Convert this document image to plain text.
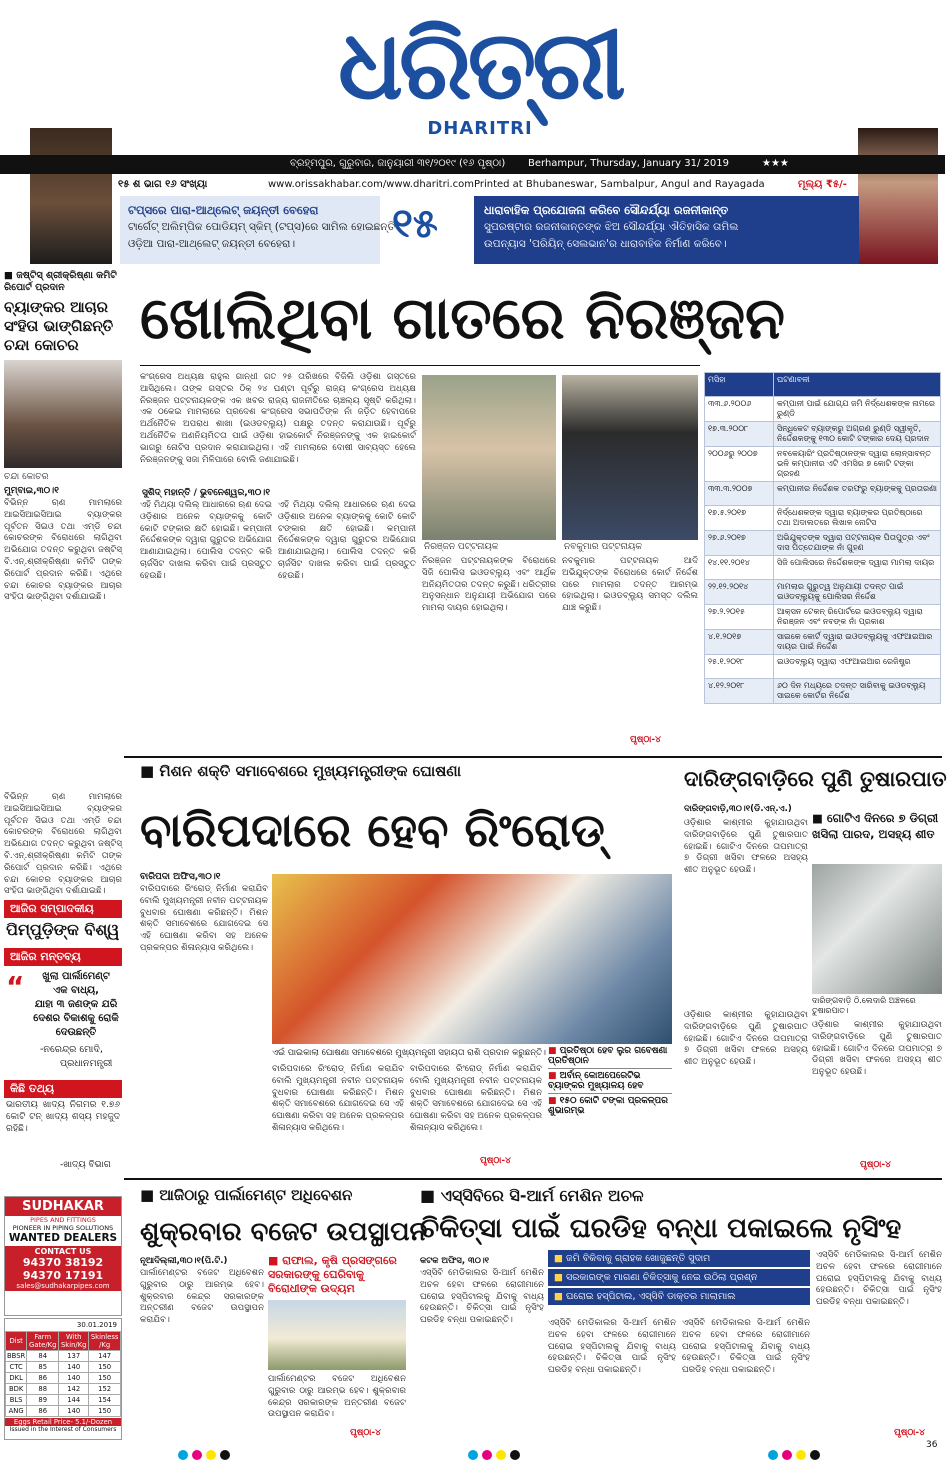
ଧରିତ୍ରୀ
DHARITRI
ବ୍ରହ୍ମପୁର, ଗୁରୁବାର, ଜାନୁୟାରୀ ୩୧/୨୦୧୯ (୧୬ ପୃଷ୍ଠା) Berhampur, Thursday, January 31/ 2019	★★★
୧୫ ଶ ଭାଗ ୧୬ ସଂଖ୍ୟା	www.orissakhabar.com/www.dharitri.com Printed at Bhubaneswar, Sambalpur, Angul and Rayagada	ମୂଲ୍ୟ ₹୫/-
ଟପ୍ସରେ ପାରା-ଆଥ୍ଲେଟ୍ ଜୟନ୍ତୀ ବେହେରା
ଟାର୍ଗେଟ୍ ଅଲିମ୍ପିକ ପୋଡିୟମ୍ ସ୍କିମ୍ (ଟପ୍ସ)ରେ ସାମିଲ ହୋଇଛନ୍ତି
ଓଡ଼ିଆ ପାରା-ଆଥ୍ଲେଟ୍ ଜୟନ୍ତୀ ବେହେରା।	୧୫	ଧାରାବାହିକ ପ୍ରଯୋଜନା କରିବେ ସୌନ୍ଦର୍ଯ୍ୟା ରଜନୀକାନ୍ତ
ସୁପରଷ୍ଟାର ରଜନୀକାନ୍ତଙ୍କ ଝିଅ ସୌନ୍ଦର୍ଯ୍ୟା ଐତିହାସିକ ତାମିଲ
ଉପନ୍ୟାସ 'ପରିୟିନ୍ ସେଲଭାନ'ର ଧାରାବାହିକ ନିର୍ମାଣ କରିବେ।
■ ଜଷ୍ଟିସ୍ ଶ୍ରୀକ୍ରିଷ୍ଣା କମିଟି
ରିପୋର୍ଟ ପ୍ରଦାନ
ବ୍ୟାଙ୍କର ଆଚାର ସଂହିତା ଭାଙ୍ଗିଛନ୍ତି ଚନ୍ଦା କୋଚର
ଚନ୍ଦା କୋଚର
ମୁମ୍ବାଇ,୩୦।୧
ବିଭିନ୍ନ ଋଣ ମାମଲାରେ ଆଇସିଆଇସିଆଇ ବ୍ୟାଙ୍କର ପୂର୍ବତନ ସିଇଓ ତଥା ଏମ୍‌ଡି ଚନ୍ଦା କୋଚରଙ୍କ ବିରୋଧରେ ଲାଗିଥିବା ଅଭିଯୋଗ ତଦନ୍ତ କରୁଥିବା ଜଷ୍ଟିସ୍ ବି.ଏନ୍.ଶ୍ରୀକ୍ରିଷ୍ଣା କମିଟି ତାଙ୍କ ରିପୋର୍ଟ ପ୍ରଦାନ କରିଛି। ଏଥିରେ ଚନ୍ଦା କୋଚର ବ୍ୟାଙ୍କର ଆଚାର ସଂହିତା ଭାଙ୍ଗିଥିବା ଦର୍ଶାଯାଇଛି।
ଖୋଲିଥିବା ଗାତରେ ନିରଞ୍ଜନ
କଂଗ୍ରେସ ଅଧ୍ୟକ୍ଷ ରାହୁଲ ଗାନ୍ଧୀ ଗତ ୨୫ ତାରିଖରେ ବିଜିଲି ଓଡ଼ିଶା ଗସ୍ତରେ ଆସିଥିଲେ। ତାଙ୍କ ଗସ୍ତର ଠିକ୍ ୨୪ ଘଣ୍ଟା ପୂର୍ବରୁ ରାଜ୍ୟ କଂଗ୍ରେସ ଅଧ୍ୟକ୍ଷ ନିରଞ୍ଜନ ପଟ୍ଟନାୟକଙ୍କ ଏକ ଖବର ରାଜ୍ୟ ରାଜନୀତିରେ ଚାଞ୍ଚଲ୍ୟ ସୃଷ୍ଟି କରିଥିଲା। ଏକ ଠକେଇ ମାମଲାରେ ପ୍ରଦେଶ କଂଗ୍ରେସ ସଭାପତିଙ୍କ ନାଁ ଜଡ଼ିତ ହେବାପରେ ଅର୍ଥନୈତିକ ଅପରାଧ ଶାଖା (ଇଓଡବ୍ଲ୍ୟୁ) ପକ୍ଷରୁ ତଦନ୍ତ କରାଯାଉଛି। ପୂର୍ବରୁ ଅର୍ଥନୈତିକ ଅଣନିୟମିତତା ପାଇଁ ଓଡ଼ିଶା ହାଇକୋର୍ଟ ନିରଞ୍ଜନଙ୍କୁ ଏକ ହାଇକୋର୍ଟ ଭାଗରୁ ନୋଟିସ ପ୍ରଦାନ କରାଯାଇଥିଲା। ଏହି ମାମଲାରେ ଦୋଷୀ ସାବ୍ୟସ୍ତ ହେଲେ ନିରଞ୍ଜନଙ୍କୁ ସଜା ମିଳିପାରେ ବୋଲି ଜଣାଯାଇଛି।
ସୁଶିଦ୍ ମହାନ୍ତି / ଭୁବନେଶ୍ୱର,୩୦।୧
ଏହି ମିଥ୍ୟା ଦଲିଲ୍ ଆଧାରରେ ଋଣ ଦେଇ ଓଡ଼ିଶାର ଅନେକ ବ୍ୟାଙ୍କକୁ କୋଟି କୋଟି ଟଙ୍କାର କ୍ଷତି ହୋଇଛି। କମ୍ପାନୀ ନିର୍ଦ୍ଦେଶକଙ୍କ ଦ୍ୱାରା ଗୁରୁତର ଅଭିଯୋଗ ଆଣାଯାଇଥିଲା। ପୋଲିସ ତଦନ୍ତ କରି ଚାର୍ଜସିଟ ଦାଖଲ କରିବା ପାଇଁ ପ୍ରସ୍ତୁତ ହେଉଛି।
ଏହି ମିଥ୍ୟା ଦଲିଲ୍ ଆଧାରରେ ଋଣ ଦେଇ ଓଡ଼ିଶାର ଅନେକ ବ୍ୟାଙ୍କକୁ କୋଟି କୋଟି ଟଙ୍କାର କ୍ଷତି ହୋଇଛି। କମ୍ପାନୀ ନିର୍ଦ୍ଦେଶକଙ୍କ ଦ୍ୱାରା ଗୁରୁତର ଅଭିଯୋଗ ଆଣାଯାଇଥିଲା। ପୋଲିସ ତଦନ୍ତ କରି ଚାର୍ଜସିଟ ଦାଖଲ କରିବା ପାଇଁ ପ୍ରସ୍ତୁତ ହେଉଛି।
ନିରଞ୍ଜନ ପଟ୍ଟନାୟକ	ନବକୁମାର ପଟ୍ଟନାୟକ
ନିରଞ୍ଜନ ପଟ୍ଟନାୟକଙ୍କ ବିରୋଧରେ ସିଜି ପୋଲିସ ଇଓଡବ୍ଲ୍ୟୁ ଏବଂ ଆର୍ଥିକ ଅନିୟମିତତାର ତଦନ୍ତ କରୁଛି। ଧରିତ୍ରୀର ଅନୁସନ୍ଧାନ ଅନୁଯାୟୀ ଅଭିଯୋଗ ପରେ ମାମଲା ଦାୟର ହୋଇଥିଲା।
ନବକୁମାର ପଟ୍ଟନାୟକ ଆଦି ଅଭିଯୁକ୍ତଙ୍କ ବିରୋଧରେ କୋର୍ଟ ନିର୍ଦ୍ଦେଶ ପରେ ମାମଲାର ତଦନ୍ତ ଆରମ୍ଭ ହୋଇଥିଲା। ଇଓଡବ୍ଲ୍ୟୁ ସମସ୍ତ ଦଲିଲ ଯାଞ୍ଚ କରୁଛି।
ପୃଷ୍ଠା-୪
ମସିହା	ଘଟଣାବଳୀ
୩୩.୬.୨୦୦୬	କମ୍ପାନୀ ପାଇଁ ଯୋଗ୍ଯ ଜମି ନିର୍ଦ୍ଧେଶକଙ୍କ ନାମରେ ରୁଣ୍ଡି
୧୭.୩.୨୦୦୮	ସିନ୍ଧିକେଟ ବ୍ୟାଙ୍କରୁ ଅଗ୍ରଣ ରୁଣ୍ଡି ସ୍ୱୀକୃତି, ନିର୍ଦ୍ଦେଶକଙ୍କୁ ୧୩୦ କୋଟି ଟଙ୍କାର ଦେୟ ପ୍ରଦାନ
୨୦୦୬ରୁ ୨୦୦୭	ନବକେୟାରିଂ ପ୍ରତିଷ୍ଠାନଙ୍କ ଦ୍ୱାରା ଲୋନ୍ସାବନ୍ତ ଭଳି କମ୍ପାନୀର ଏଟି ଏମସିର ୭ କୋଟି ଟଙ୍କା ଗ୍ରହଣ
୩୩.୩.୨୦୦୭	କମ୍ପାନୀର ନିର୍ଦ୍ଦେଶକ ତରଫରୁ ବ୍ୟାଙ୍କକୁ ପ୍ରତାରଣା
୧୭.୫.୨୦୧୭	ନିର୍ଦ୍ଧେଶକଙ୍କ ଦ୍ୱାରା ବ୍ୟାଙ୍କର ପ୍ରତିଷ୍ଠାରେ ତଥା ଅଦାଲତରେ ଲିଖାଳ ନୋଟିସ
୨୭.୬.୨୦୧୭	ଅଭିଯୁକ୍ତଙ୍କ ଦ୍ୱାରା ପଟ୍ଟନାୟକ ପିତାପୁତ୍ର ଏବଂ ଦାସ ପିତ୍ତେଯାଙ୍କ ନାଁ ଗୁହଣ
୧୪.୧୧.୨୦୧୪	ସିଜି ପୋଲିସରେ ନିର୍ଦ୍ଦେଶକଙ୍କ ଦ୍ୱାରା ମାମଲା ଦାୟର
୨୨.୧୨.୨୦୧୪	ମାମଲାର ଗୁରୁତ୍ୱ ଅନୁଯାୟୀ ତଦନ୍ତ ପାଇଁ ଇଓଡବ୍ଲ୍ୟୁକୁ ପୋଲିସର ନିର୍ଦ୍ଦେଶ
୨୭.୨.୨୦୧୫	ଆକ୍ସନ ଟେକନ୍ ରିପୋର୍ଟରେ ଇଓଡବ୍ଲ୍ୟୁ ଦ୍ୱାରା ନିରଞ୍ଜନ ଏବଂ ନବଙ୍କ ନାଁ ପ୍ରକାଶ
୪.୧.୨୦୧୭	ସାଇକେ କୋର୍ଟ ଦ୍ୱାରା ଇଓଡବ୍ଲ୍ୟୁକୁ ଏଫଆଇଆର ଦାୟର ପାଇଁ ନିର୍ଦ୍ଦେଶ
୨୫.୧.୨୦୧୮	ଇଓଡବ୍ଲ୍ୟୁ ଦ୍ୱାରା ଏଫଆଇଆର ରେଜିଷ୍ଟ୍ର
୪.୧୨.୨୦୧୮	୬୦ ଦିନ ମଧ୍ୟରେ ତଦନ୍ତ ସାରିବାକୁ ଇଓଡବ୍ଲ୍ୟୁ ସାଇକେ କୋର୍ଟର ନିର୍ଦ୍ଦେଶ
ବିଭିନ୍ନ ଋଣ ମାମଲାରେ ଆଇସିଆଇସିଆଇ ବ୍ୟାଙ୍କର ପୂର୍ବତନ ସିଇଓ ତଥା ଏମ୍‌ଡି ଚନ୍ଦା କୋଚରଙ୍କ ବିରୋଧରେ ଲାଗିଥିବା ଅଭିଯୋଗ ତଦନ୍ତ କରୁଥିବା ଜଷ୍ଟିସ୍ ବି.ଏନ୍.ଶ୍ରୀକ୍ରିଷ୍ଣା କମିଟି ତାଙ୍କ ରିପୋର୍ଟ ପ୍ରଦାନ କରିଛି। ଏଥିରେ ଚନ୍ଦା କୋଚର ବ୍ୟାଙ୍କର ଆଚାର ସଂହିତା ଭାଙ୍ଗିଥିବା ଦର୍ଶାଯାଇଛି।
ଆଜିର ସମ୍ପାଦକୀୟ
ପିମ୍ପୁଡ଼ିଙ୍କ ବିଶ୍ୱ
ଆଜିର ମନ୍ତବ୍ୟ
“	ଖୁଲା ପାର୍ଲାମେଣ୍ଟ
ଏକ ବାଧ୍ୟ,
ଯାହା ୩ ଜଣଙ୍କ ଯରି
ଦେଶର ବିକାଶକୁ ରୋକି
ଦେଉଛନ୍ତି
-ନରେନ୍ଦ୍ର ମୋଦି,
ପ୍ରଧାନମନ୍ତ୍ରୀ
କିଛି ତଥ୍ୟ
ଭାରତୀୟ ଖାଦ୍ୟ ନିଗମର ୧.୭୬ କୋଟି ଟନ୍ ଖାଦ୍ୟ ଶସ୍ୟ ମହଜୁଦ ରହିଛି।
-ଖାଦ୍ୟ ବିଭାଗ
SUDHAKAR
PIPES AND FITTINGS
PIONEER IN PIPING SOLUTIONS
WANTED DEALERS
CONTACT US
94370 38192
94370 17191
sales@sudhakarpipes.com
30.01.2019
Dist	Farm Gate/Kg	With Skin/Kg	Skinless /Kg
BBSR	84	137	147
CTC	85	140	150
DKL	86	140	150
BDK	88	142	152
BLS	89	144	154
ANG	86	140	150
Eggs Retail Price- 5.1/-Dozen
Issued in the Interest of Consumers
■ ମିଶନ ଶକ୍ତି ସମାବେଶରେ ମୁଖ୍ୟମନ୍ତ୍ରୀଙ୍କ ଘୋଷଣା
ବାରିପଦାରେ ହେବ ରିଂରୋଡ୍
ବାରିପଦା ଅଫିସ,୩୦।୧
ବାରିପଦାରେ ରିଂରୋଡ୍ ନିର୍ମାଣ କରାଯିବ ବୋଲି ମୁଖ୍ୟମନ୍ତ୍ରୀ ନବୀନ ପଟ୍ଟନାୟକ ବୁଧବାର ଘୋଷଣା କରିଛନ୍ତି। ମିଶନ ଶକ୍ତି ସମାବେଶରେ ଯୋଗଦେଇ ସେ ଏହି ଘୋଷଣା କରିବା ସହ ଅନେକ ପ୍ରକଳ୍ପର ଶିଳାନ୍ୟାସ କରିଥିଲେ।
ଏଇଁ ପାଇକାଲା ଘୋଷଣା ସମାବେଶରେ ମୁଖ୍ୟମନ୍ତ୍ରୀ ସହାୟତା ରାଶି ପ୍ରଦାନ କରୁଛନ୍ତି।
ବାରିପଦାରେ ରିଂରୋଡ୍ ନିର୍ମାଣ କରାଯିବ ବୋଲି ମୁଖ୍ୟମନ୍ତ୍ରୀ ନବୀନ ପଟ୍ଟନାୟକ ବୁଧବାର ଘୋଷଣା କରିଛନ୍ତି। ମିଶନ ଶକ୍ତି ସମାବେଶରେ ଯୋଗଦେଇ ସେ ଏହି ଘୋଷଣା କରିବା ସହ ଅନେକ ପ୍ରକଳ୍ପର ଶିଳାନ୍ୟାସ କରିଥିଲେ।
ବାରିପଦାରେ ରିଂରୋଡ୍ ନିର୍ମାଣ କରାଯିବ ବୋଲି ମୁଖ୍ୟମନ୍ତ୍ରୀ ନବୀନ ପଟ୍ଟନାୟକ ବୁଧବାର ଘୋଷଣା କରିଛନ୍ତି। ମିଶନ ଶକ୍ତି ସମାବେଶରେ ଯୋଗଦେଇ ସେ ଏହି ଘୋଷଣା କରିବା ସହ ଅନେକ ପ୍ରକଳ୍ପର ଶିଳାନ୍ୟାସ କରିଥିଲେ।
ପୃଷ୍ଠା-୪
■ ପ୍ରତିଷ୍ଠା ହେବ ଲୁର ଗବେଷଣା ପ୍ରତିଷ୍ଠାନ
■ ଅର୍ବାନ୍ କୋଅପେରେଟିଭ ବ୍ୟାଙ୍କର ମୁଖ୍ୟାଳୟ ହେବ
■ ୧୫୦ କୋଟି ଟଙ୍କା ପ୍ରକଳ୍ପର ଶୁଭାରମ୍ଭ
ଦାରିଙ୍ଗବାଡ଼ିରେ ପୁଣି ତୁଷାରପାତ
ଦାରିଙ୍ଗବାଡ଼ି,୩୦।୧(ଡି.ଏନ୍.ଏ.)
ଓଡ଼ିଶାର କାଶ୍ମୀର କୁହାଯାଉଥିବା ଦାରିଙ୍ଗବାଡ଼ିରେ ପୁଣି ତୁଷାରପାତ ହୋଇଛି। ଗୋଟିଏ ଦିନରେ ତାପମାତ୍ରା ୭ ଡିଗ୍ରୀ ଖସିବା ଫଳରେ ଅସହ୍ୟ ଶୀତ ଅନୁଭୂତ ହେଉଛି।
■ ଗୋଟିଏ ଦିନରେ ୭ ଡିଗ୍ରୀ ଖସିଲା ପାରଦ, ଅସହ୍ୟ ଶୀତ
ଦାରିଙ୍ଗବାଡ଼ି ଠି.ଲେଦାରି ଅଞ୍ଚଳରେ ତୁଷାରପାତ।
ଓଡ଼ିଶାର କାଶ୍ମୀର କୁହାଯାଉଥିବା ଦାରିଙ୍ଗବାଡ଼ିରେ ପୁଣି ତୁଷାରପାତ ହୋଇଛି। ଗୋଟିଏ ଦିନରେ ତାପମାତ୍ରା ୭ ଡିଗ୍ରୀ ଖସିବା ଫଳରେ ଅସହ୍ୟ ଶୀତ ଅନୁଭୂତ ହେଉଛି।
ଓଡ଼ିଶାର କାଶ୍ମୀର କୁହାଯାଉଥିବା ଦାରିଙ୍ଗବାଡ଼ିରେ ପୁଣି ତୁଷାରପାତ ହୋଇଛି। ଗୋଟିଏ ଦିନରେ ତାପମାତ୍ରା ୭ ଡିଗ୍ରୀ ଖସିବା ଫଳରେ ଅସହ୍ୟ ଶୀତ ଅନୁଭୂତ ହେଉଛି।
ପୃଷ୍ଠା-୪
■ ଆଜିଠାରୁ ପାର୍ଲାମେଣ୍ଟ ଅଧିବେଶନ
ଶୁକ୍ରବାର ବଜେଟ ଉପସ୍ଥାପନ
ନୂଆଦିଲ୍ଲୀ,୩୦।୧(ପି.ଟି.)
ପାର୍ଲାମେଣ୍ଟର ବଜେଟ ଅଧିବେଶନ ଗୁରୁବାର ଠାରୁ ଆରମ୍ଭ ହେବ। ଶୁକ୍ରବାର କେନ୍ଦ୍ର ସରକାରଙ୍କ ଅନ୍ତରୀଣ ବଜେଟ ଉପସ୍ଥାପନ କରାଯିବ।
■ ରାଫାଲ, କୃଷି ପ୍ରସଙ୍ଗରେ ସରକାରଙ୍କୁ ଘେରିବାକୁ ବିରୋଧୀଙ୍କ ଉଦ୍ୟମ
ପାର୍ଲାମେଣ୍ଟର ବଜେଟ ଅଧିବେଶନ ଗୁରୁବାର ଠାରୁ ଆରମ୍ଭ ହେବ। ଶୁକ୍ରବାର କେନ୍ଦ୍ର ସରକାରଙ୍କ ଅନ୍ତରୀଣ ବଜେଟ ଉପସ୍ଥାପନ କରାଯିବ।
ପୃଷ୍ଠା-୪
■ ଏସ୍‌ସିବିରେ ସି-ଆର୍ମ ମେଶିନ ଅଚଳ
ଚିକିତ୍ସା ପାଇଁ ଘରଡିହ ବନ୍ଧା ପକାଇଲେ ନୃସିଂହ
କଟକ ଅଫିସ, ୩୦।୧
ଏସ୍‌ସିବି ମେଡିକାଲର ସି-ଆର୍ମ ମେଶିନ ଅଚଳ ହେବା ଫଳରେ ରୋଗୀମାନେ ଘରୋଇ ହସ୍ପିଟାଲକୁ ଯିବାକୁ ବାଧ୍ୟ ହେଉଛନ୍ତି। ଚିକିତ୍ସା ପାଇଁ ନୃସିଂହ ଘରଡିହ ବନ୍ଧା ପକାଇଛନ୍ତି।
■ ଜମି ବିକିବାକୁ ଗ୍ରାହକ ଖୋଜୁଛନ୍ତି ସୁଦାମ
■ ସରକାରଙ୍କ ମାଗଣା ଚିକିତ୍ସାକୁ ନେଇ ଉଠିଲା ପ୍ରଶ୍ନ
■ ଘରୋଇ ହସ୍ପିଟାଲ, ଏସ୍‌ସିବି ଡାକ୍ତର ମାଲାମାଲ
ଏସ୍‌ସିବି ମେଡିକାଲର ସି-ଆର୍ମ ମେଶିନ ଅଚଳ ହେବା ଫଳରେ ରୋଗୀମାନେ ଘରୋଇ ହସ୍ପିଟାଲକୁ ଯିବାକୁ ବାଧ୍ୟ ହେଉଛନ୍ତି। ଚିକିତ୍ସା ପାଇଁ ନୃସିଂହ ଘରଡିହ ବନ୍ଧା ପକାଇଛନ୍ତି।
ଏସ୍‌ସିବି ମେଡିକାଲର ସି-ଆର୍ମ ମେଶିନ ଅଚଳ ହେବା ଫଳରେ ରୋଗୀମାନେ ଘରୋଇ ହସ୍ପିଟାଲକୁ ଯିବାକୁ ବାଧ୍ୟ ହେଉଛନ୍ତି। ଚିକିତ୍ସା ପାଇଁ ନୃସିଂହ ଘରଡିହ ବନ୍ଧା ପକାଇଛନ୍ତି।
ଏସ୍‌ସିବି ମେଡିକାଲର ସି-ଆର୍ମ ମେଶିନ ଅଚଳ ହେବା ଫଳରେ ରୋଗୀମାନେ ଘରୋଇ ହସ୍ପିଟାଲକୁ ଯିବାକୁ ବାଧ୍ୟ ହେଉଛନ୍ତି। ଚିକିତ୍ସା ପାଇଁ ନୃସିଂହ ଘରଡିହ ବନ୍ଧା ପକାଇଛନ୍ତି।
ପୃଷ୍ଠା-୪
36
